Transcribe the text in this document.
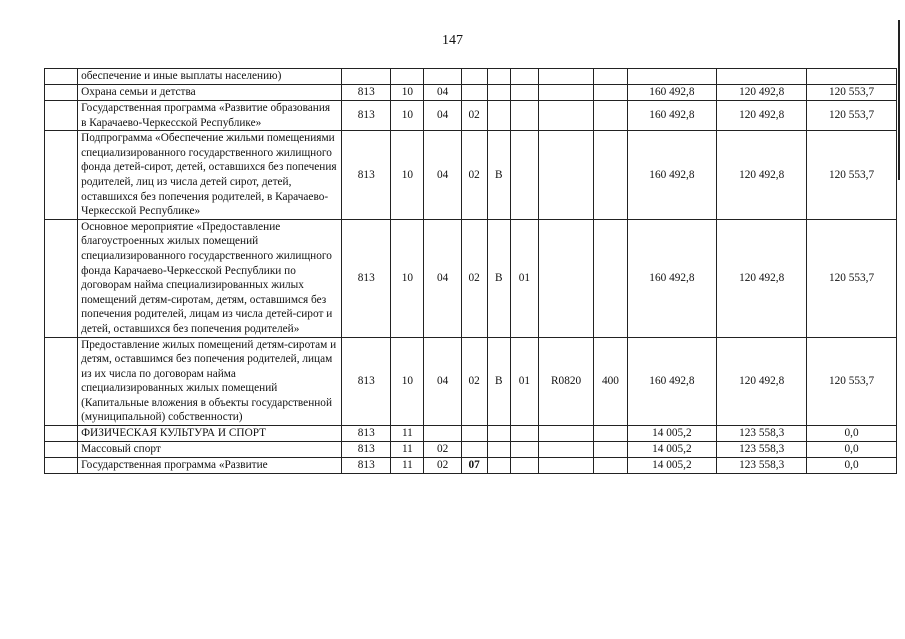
147
	обеспечение и иные выплаты населению)											
	Охрана семьи и детства	813	10	04						160 492,8	120 492,8	120 553,7
	Государственная программа «Развитие образования в Карачаево-Черкесской Республике»	813	10	04	02					160 492,8	120 492,8	120 553,7
	Подпрограмма «Обеспечение жильми помещениями специализированного государственного жилищного фонда детей-сирот, детей, оставшихся без попечения родителей, лиц из числа детей сирот, детей, оставшихся без попечения родителей, в Карачаево-Черкесской Республике»	813	10	04	02	В				160 492,8	120 492,8	120 553,7
	Основное мероприятие «Предоставление благоустроенных жилых помещений специализированного государственного жилищного фонда Карачаево-Черкесской Республики по договорам найма специализированных жилых помещений детям-сиротам, детям, оставшимся без попечения родителей, лицам из числа детей-сирот и детей, оставшихся без попечения родителей»	813	10	04	02	В	01			160 492,8	120 492,8	120 553,7
	Предоставление жилых помещений детям-сиротам и детям, оставшимся без попечения родителей, лицам из их числа по договорам найма специализированных жилых помещений (Капитальные вложения в объекты государственной (муниципальной) собственности)	813	10	04	02	В	01	R0820	400	160 492,8	120 492,8	120 553,7
	ФИЗИЧЕСКАЯ КУЛЬТУРА И СПОРТ	813	11							14 005,2	123 558,3	0,0
	Массовый спорт	813	11	02						14 005,2	123 558,3	0,0
	Государственная программа «Развитие	813	11	02	07					14 005,2	123 558,3	0,0
